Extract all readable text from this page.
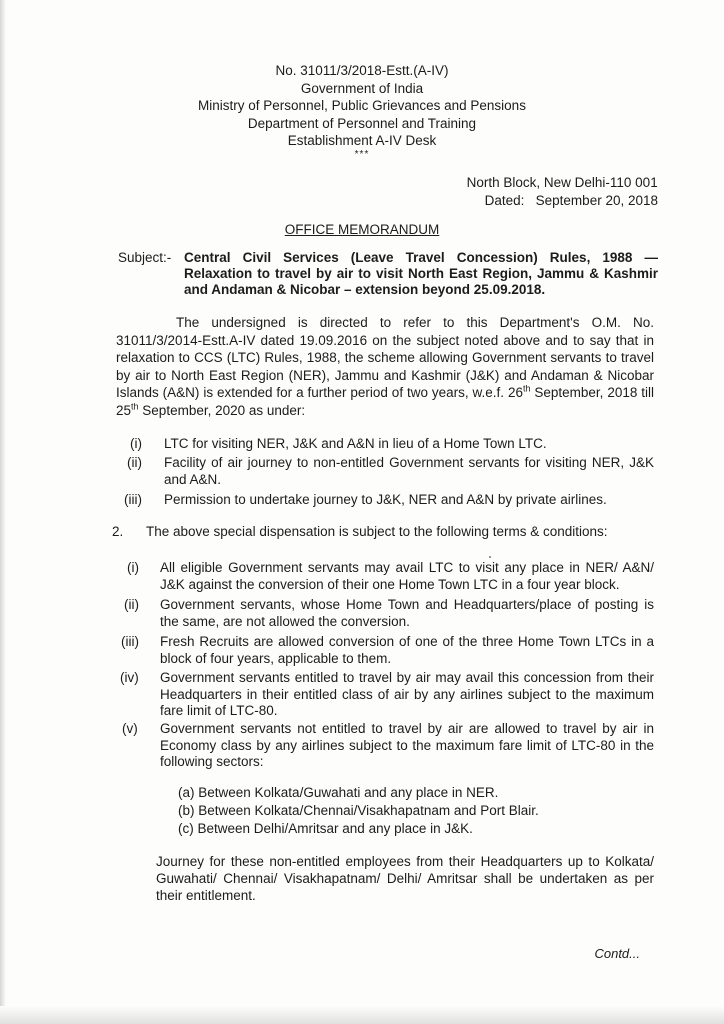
No. 31011/3/2018-Estt.(A-IV)
Government of India
Ministry of Personnel, Public Grievances and Pensions
Department of Personnel and Training
Establishment A-IV Desk
***
North Block, New Delhi-110 001
Dated: September 20, 2018
OFFICE MEMORANDUM
Subject:- Central Civil Services (Leave Travel Concession) Rules, 1988 — Relaxation to travel by air to visit North East Region, Jammu & Kashmir and Andaman & Nicobar – extension beyond 25.09.2018.
The undersigned is directed to refer to this Department's O.M. No. 31011/3/2014-Estt.A-IV dated 19.09.2016 on the subject noted above and to say that in relaxation to CCS (LTC) Rules, 1988, the scheme allowing Government servants to travel by air to North East Region (NER), Jammu and Kashmir (J&K) and Andaman & Nicobar Islands (A&N) is extended for a further period of two years, w.e.f. 26th September, 2018 till 25th September, 2020 as under:
(i) LTC for visiting NER, J&K and A&N in lieu of a Home Town LTC.
(ii) Facility of air journey to non-entitled Government servants for visiting NER, J&K and A&N.
(iii) Permission to undertake journey to J&K, NER and A&N by private airlines.
2. The above special dispensation is subject to the following terms & conditions:
(i) All eligible Government servants may avail LTC to visit any place in NER/ A&N/ J&K against the conversion of their one Home Town LTC in a four year block.
(ii) Government servants, whose Home Town and Headquarters/place of posting is the same, are not allowed the conversion.
(iii) Fresh Recruits are allowed conversion of one of the three Home Town LTCs in a block of four years, applicable to them.
(iv) Government servants entitled to travel by air may avail this concession from their Headquarters in their entitled class of air by any airlines subject to the maximum fare limit of LTC-80.
(v) Government servants not entitled to travel by air are allowed to travel by air in Economy class by any airlines subject to the maximum fare limit of LTC-80 in the following sectors:
(a) Between Kolkata/Guwahati and any place in NER.
(b) Between Kolkata/Chennai/Visakhapatnam and Port Blair.
(c) Between Delhi/Amritsar and any place in J&K.
Journey for these non-entitled employees from their Headquarters up to Kolkata/ Guwahati/ Chennai/ Visakhapatnam/ Delhi/ Amritsar shall be undertaken as per their entitlement.
Contd...
